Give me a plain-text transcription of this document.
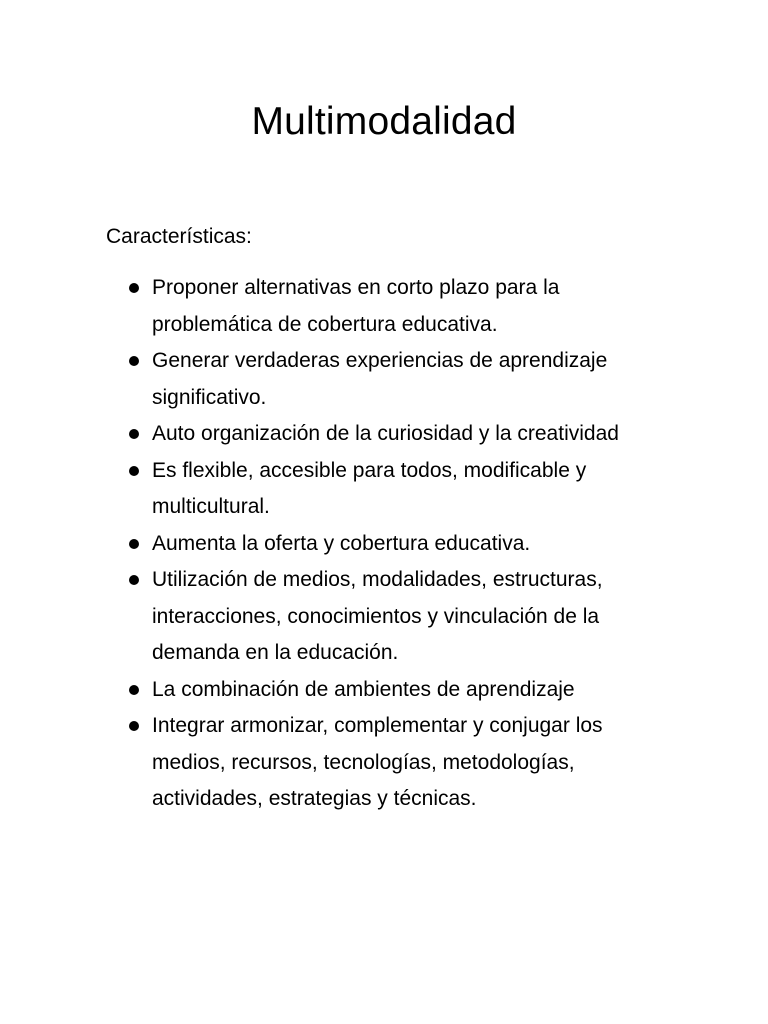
Multimodalidad

Características:

Proponer alternativas en corto plazo para la problemática de cobertura educativa.
Generar verdaderas experiencias de aprendizaje significativo.
Auto organización de la curiosidad y la creatividad
Es flexible, accesible para todos, modificable y multicultural.
Aumenta la oferta y cobertura educativa.
Utilización de medios, modalidades, estructuras, interacciones, conocimientos y vinculación de la demanda en la educación.
La combinación de ambientes de aprendizaje
Integrar armonizar, complementar y conjugar los medios, recursos, tecnologías, metodologías, actividades, estrategias y técnicas.
